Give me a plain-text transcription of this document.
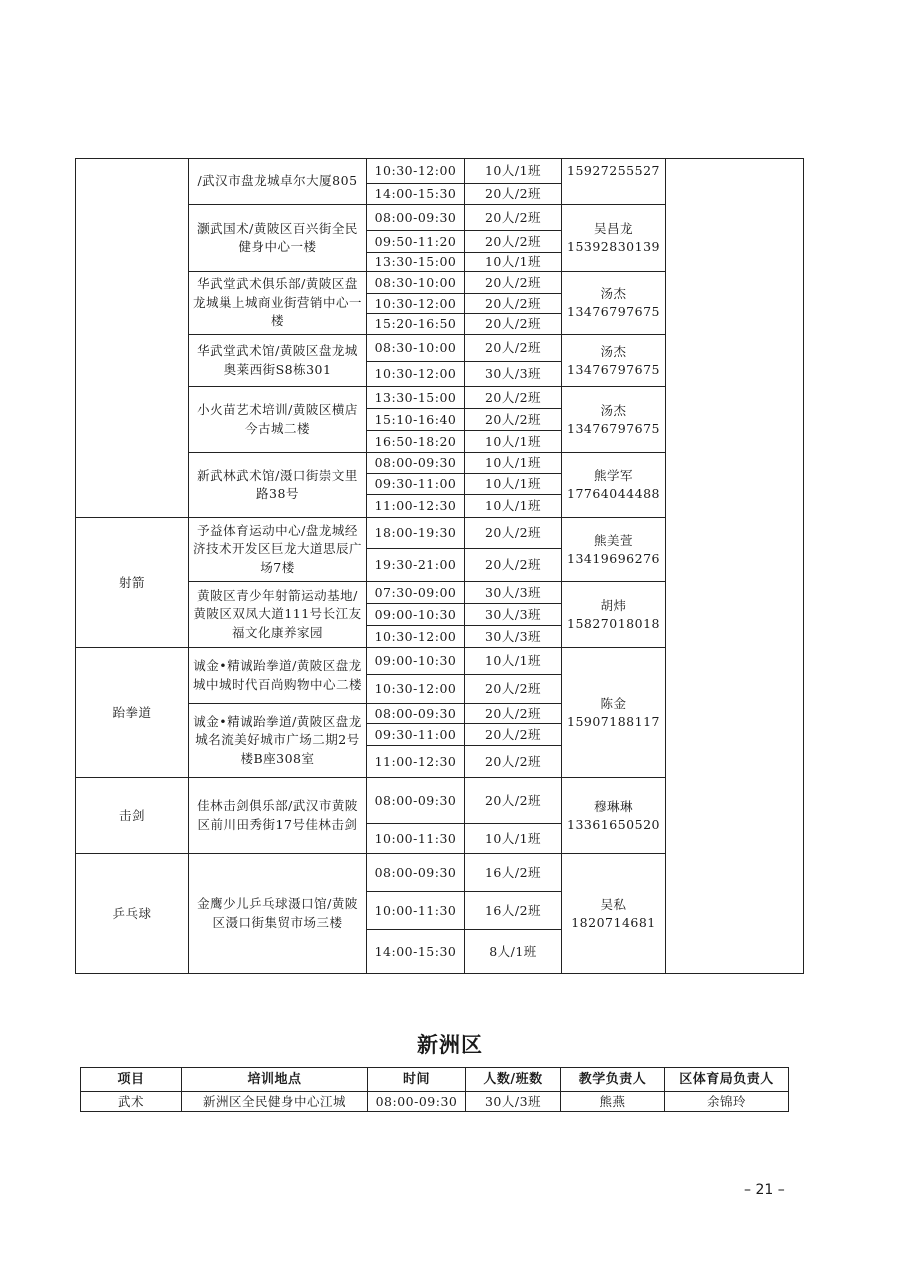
	/武汉市盘龙城卓尔大厦805	10:30-12:00	10人/1班	15927255527	
		14:00-15:30	20人/2班		
	灏武国术/黄陂区百兴街全民健身中心一楼	08:00-09:30	20人/2班	吴昌龙15392830139	
		09:50-11:20	20人/2班		
		13:30-15:00	10人/1班		
	华武堂武术俱乐部/黄陂区盘龙城巢上城商业街营销中心一楼	08:30-10:00	20人/2班	汤杰13476797675	
		10:30-12:00	20人/2班		
		15:20-16:50	20人/2班		
	华武堂武术馆/黄陂区盘龙城奥莱西街S8栋301	08:30-10:00	20人/2班	汤杰13476797675	
		10:30-12:00	30人/3班		
	小火苗艺术培训/黄陂区横店今古城二楼	13:30-15:00	20人/2班	汤杰13476797675	
		15:10-16:40	20人/2班		
		16:50-18:20	10人/1班		
	新武林武术馆/滠口街崇文里路38号	08:00-09:30	10人/1班	熊学军17764044488	
		09:30-11:00	10人/1班		
		11:00-12:30	10人/1班		
射箭	予益体育运动中心/盘龙城经济技术开发区巨龙大道思辰广场7楼	18:00-19:30	20人/2班	熊美萱13419696276	
		19:30-21:00	20人/2班		
	黄陂区青少年射箭运动基地/黄陂区双凤大道111号长江友福文化康养家园	07:30-09:00	30人/3班	胡炜15827018018	
		09:00-10:30	30人/3班		
		10:30-12:00	30人/3班		
跆拳道	诚金•精诚跆拳道/黄陂区盘龙城中城时代百尚购物中心二楼	09:00-10:30	10人/1班	陈金15907188117	
		10:30-12:00	20人/2班		
	诚金•精诚跆拳道/黄陂区盘龙城名流美好城市广场二期2号楼B座308室	08:00-09:30	20人/2班		
		09:30-11:00	20人/2班		
		11:00-12:30	20人/2班		
击剑	佳林击剑俱乐部/武汉市黄陂区前川田秀街17号佳林击剑	08:00-09:30	20人/2班	穆琳琳13361650520	
		10:00-11:30	10人/1班		
乒乓球	金鹰少儿乒乓球滠口馆/黄陂区滠口街集贸市场三楼	08:00-09:30	16人/2班	吴私1820714681	
		10:00-11:30	16人/2班		
		14:00-15:30	8人/1班		
新洲区
项目	培训地点	时间	人数/班数	教学负责人	区体育局负责人
武术	新洲区全民健身中心江城	08:00-09:30	30人/3班	熊燕	余锦玲
– 21 –
